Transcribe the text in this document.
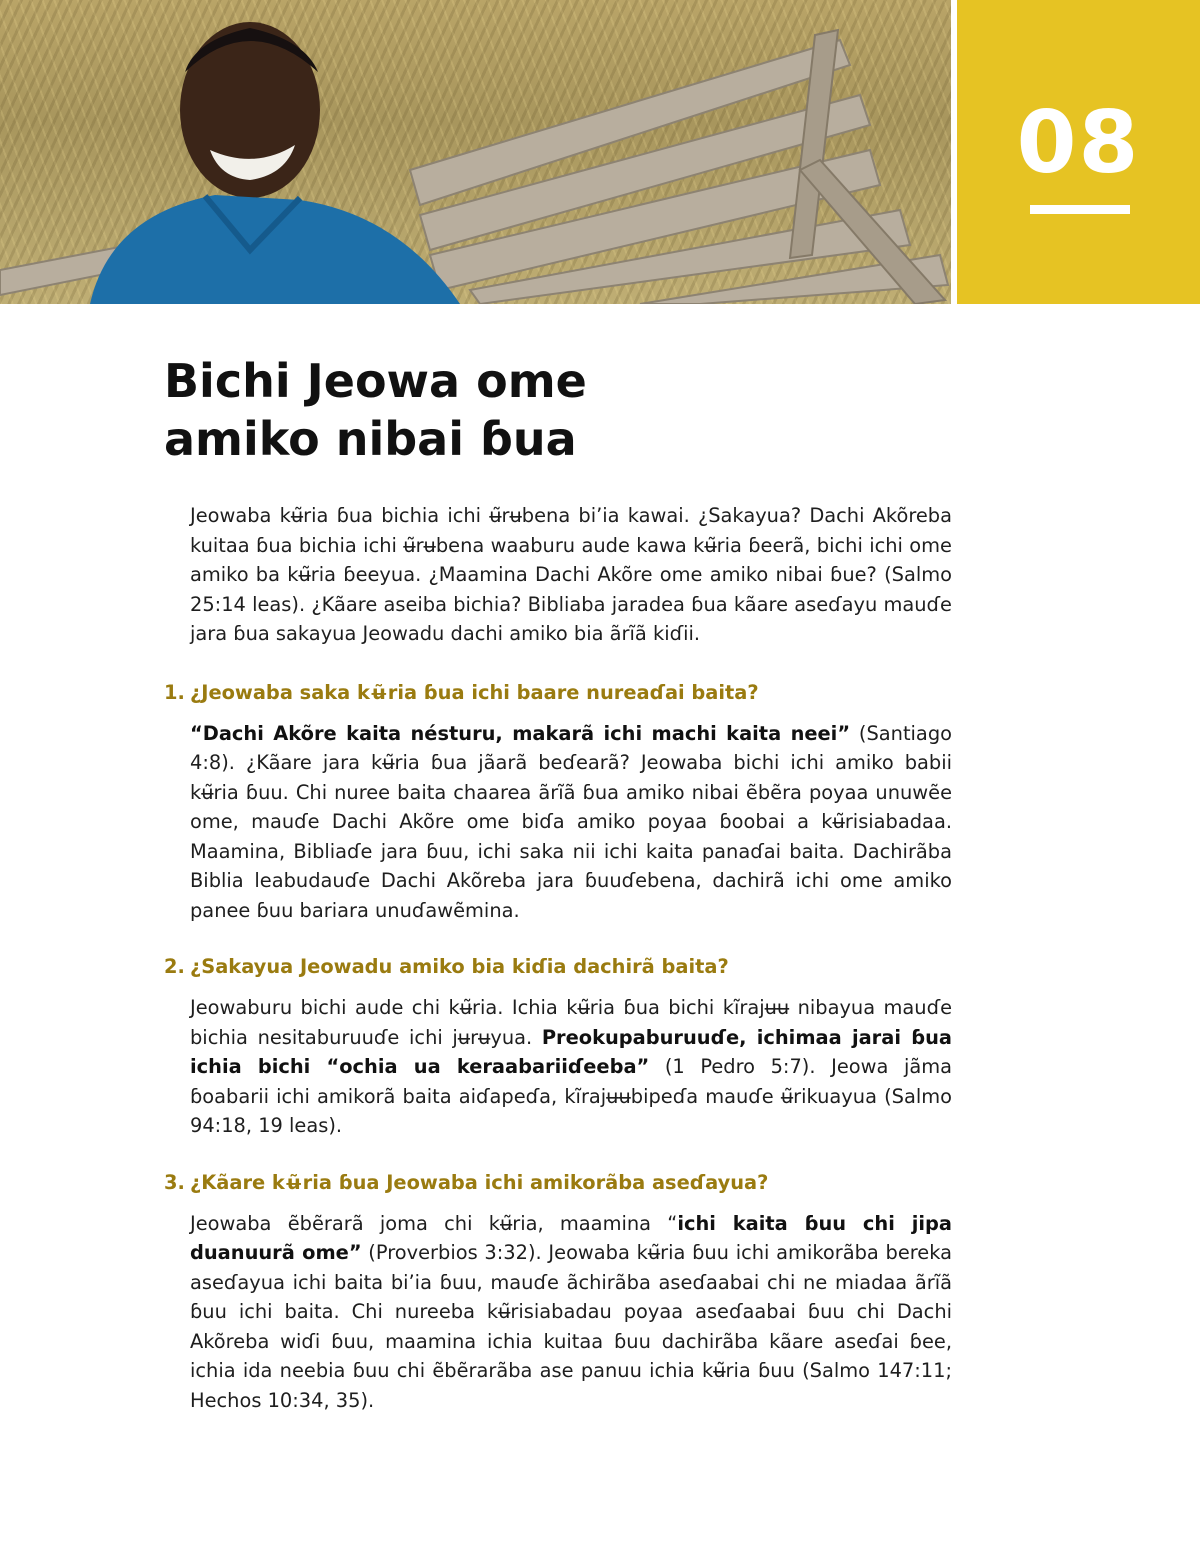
08
Bichi Jeowa ome
amiko nibai ɓua

Jeowaba kʉ̃ria ɓua bichia ichi ʉ̃rʉbena bi’ia kawai. ¿Sakayua? Dachi Akõreba kuitaa ɓua bichia ichi ʉ̃rʉbena waaburu aude kawa kʉ̃ria ɓeerã, bichi ichi ome amiko ba kʉ̃ria ɓeeyua. ¿Maamina Dachi Akõre ome amiko nibai ɓue? (Salmo 25:14 leas). ¿Kãare aseiba bichia? Bibliaba jaradea ɓua kãare aseɗayu mauɗe jara ɓua sakayua Jeowadu dachi amiko bia ãrĩã kiɗii.

1. ¿Jeowaba saka kʉ̃ria ɓua ichi baare nureaɗai baita?

“Dachi Akõre kaita nésturu, makarã ichi machi kaita neei” (Santiago 4:8). ¿Kãare jara kʉ̃ria ɓua jãarã beɗearã? Jeowaba bichi ichi amiko babii kʉ̃ria ɓuu. Chi nuree baita chaarea ãrĩã ɓua amiko nibai ẽbẽra poyaa unuwẽe ome, mauɗe Dachi Akõre ome biɗa amiko poyaa ɓoobai a kʉ̃risiabadaa. Maamina, Bibliaɗe jara ɓuu, ichi saka nii ichi kaita panaɗai baita. Dachirãba Biblia leabudauɗe Dachi Akõreba jara ɓuuɗebena, dachirã ichi ome amiko panee ɓuu bariara unuɗawẽmina.

2. ¿Sakayua Jeowadu amiko bia kiɗia dachirã baita?

Jeowaburu bichi aude chi kʉ̃ria. Ichia kʉ̃ria ɓua bichi kĩrajʉʉ nibayua mauɗe bichia nesitaburuuɗe ichi jʉrʉyua. Preokupaburuuɗe, ichimaa jarai ɓua ichia bichi “ochia ua keraabariiɗeeba” (1 Pedro 5:7). Jeowa jãma ɓoabarii ichi amikorã baita aiɗapeɗa, kĩrajʉʉbipeɗa mauɗe ʉ̃rikuayua (Salmo 94:18, 19 leas).

3. ¿Kãare kʉ̃ria ɓua Jeowaba ichi amikorãba aseɗayua?

Jeowaba ẽbẽrarã joma chi kʉ̃ria, maamina “ichi kaita ɓuu chi jipa duanuurã ome” (Proverbios 3:32). Jeowaba kʉ̃ria ɓuu ichi amikorãba bereka aseɗayua ichi baita bi’ia ɓuu, mauɗe ãchirãba aseɗaabai chi ne miadaa ãrĩã ɓuu ichi baita. Chi nureeba kʉ̃risiabadau poyaa aseɗaabai ɓuu chi Dachi Akõreba wiɗi ɓuu, maamina ichia kuitaa ɓuu dachirãba kãare aseɗai ɓee, ichia ida neebia ɓuu chi ẽbẽrarãba ase panuu ichia kʉ̃ria ɓuu (Salmo 147:11; Hechos 10:34, 35).
